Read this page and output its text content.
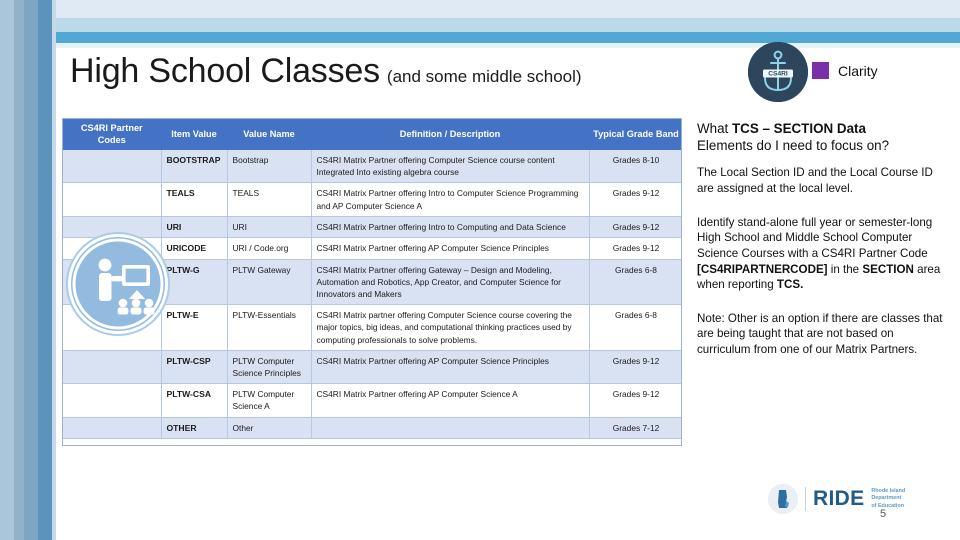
High School Classes (and some middle school)	CS4RI	Clarity
CS4RI Partner Codes	Item Value	Value Name	Definition / Description	Typical Grade Band
	BOOTSTRAP	Bootstrap	CS4RI Matrix Partner offering Computer Science course content Integrated Into existing algebra course	Grades 8-10
	TEALS	TEALS	CS4RI Matrix Partner offering Intro to Computer Science Programming and AP Computer Science A	Grades 9-12
	URI	URI	CS4RI Matrix Partner offering Intro to Computing and Data Science	Grades 9-12
	URICODE	URI / Code.org	CS4RI Matrix Partner offering AP Computer Science Principles	Grades 9-12
	PLTW-G	PLTW Gateway	CS4RI Matrix Partner offering Gateway – Design and Modeling, Automation and Robotics, App Creator, and Computer Science for Innovators and Makers	Grades 6-8
	PLTW-E	PLTW-Essentials	CS4RI Matrix partner offering Computer Science course covering the major topics, big ideas, and computational thinking practices used by computing professionals to solve problems.	Grades 6-8
	PLTW-CSP	PLTW Computer Science Principles	CS4RI Matrix Partner offering AP Computer Science Principles	Grades 9-12
	PLTW-CSA	PLTW Computer Science A	CS4RI Matrix Partner offering AP Computer Science A	Grades 9-12
	OTHER	Other		Grades 7-12
What TCS – SECTION Data
Elements do I need to focus on?
The Local Section ID and the Local Course ID are assigned at the local level.
Identify stand-alone full year or semester-long High School and Middle School Computer Science Courses with a CS4RI Partner Code [CS4RIPARTNERCODE] in the SECTION area when reporting TCS.
Note: Other is an option if there are classes that are being taught that are not based on curriculum from one of our Matrix Partners.
RIDE Rhode Island
Department
of Education
5
